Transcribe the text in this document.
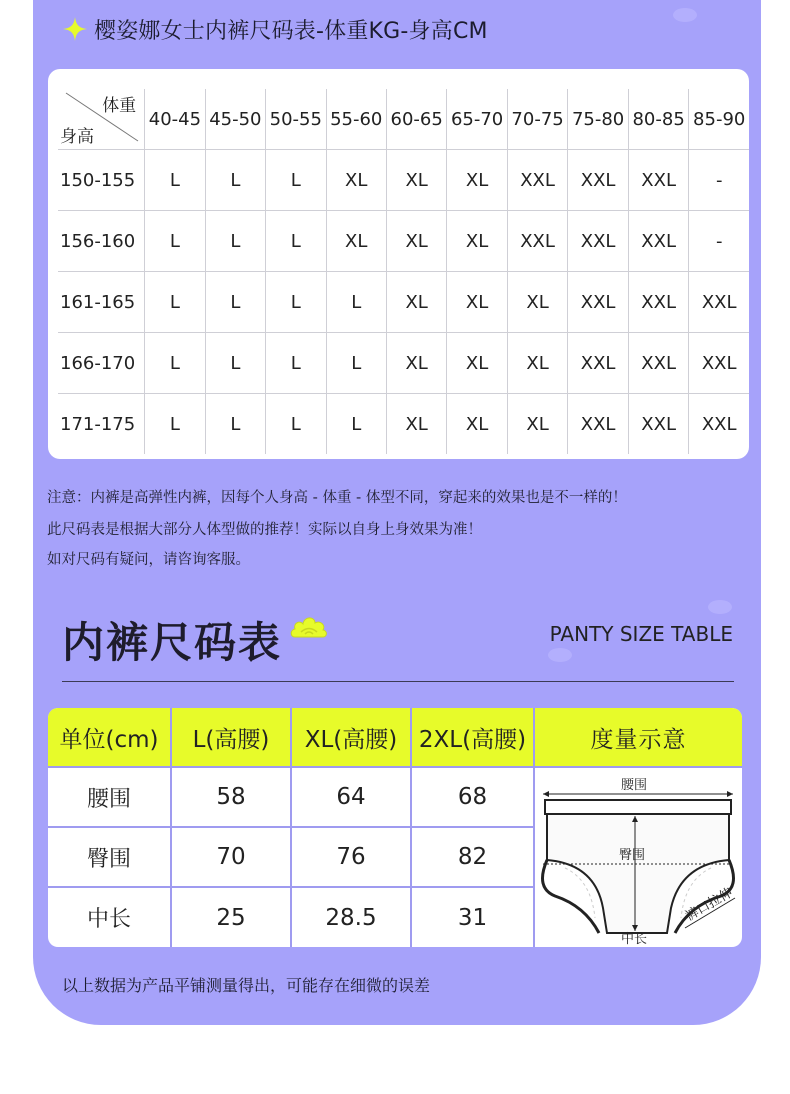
樱姿娜女士内裤尺码表-体重KG-身高CM
体重
身高	40-45	45-50	50-55	55-60	60-65	65-70	70-75	75-80	80-85	85-90
150-155	L	L	L	XL	XL	XL	XXL	XXL	XXL	-
156-160	L	L	L	XL	XL	XL	XXL	XXL	XXL	-
161-165	L	L	L	L	XL	XL	XL	XXL	XXL	XXL
166-170	L	L	L	L	XL	XL	XL	XXL	XXL	XXL
171-175	L	L	L	L	XL	XL	XL	XXL	XXL	XXL
注意：内裤是高弹性内裤，因每个人身高 - 体重 - 体型不同，穿起来的效果也是不一样的！
此尺码表是根据大部分人体型做的推荐！实际以自身上身效果为准！
如对尺码有疑问，请咨询客服。
内裤尺码表	PANTY SIZE TABLE
单位(cm)	L(高腰)	XL(高腰) 2XL(高腰)	度量示意
腰围	58	64	68
臀围	70	76	82
中长	25	28.5	31
腰围
臀围
中长
裤口拉伸
以上数据为产品平铺测量得出，可能存在细微的误差
